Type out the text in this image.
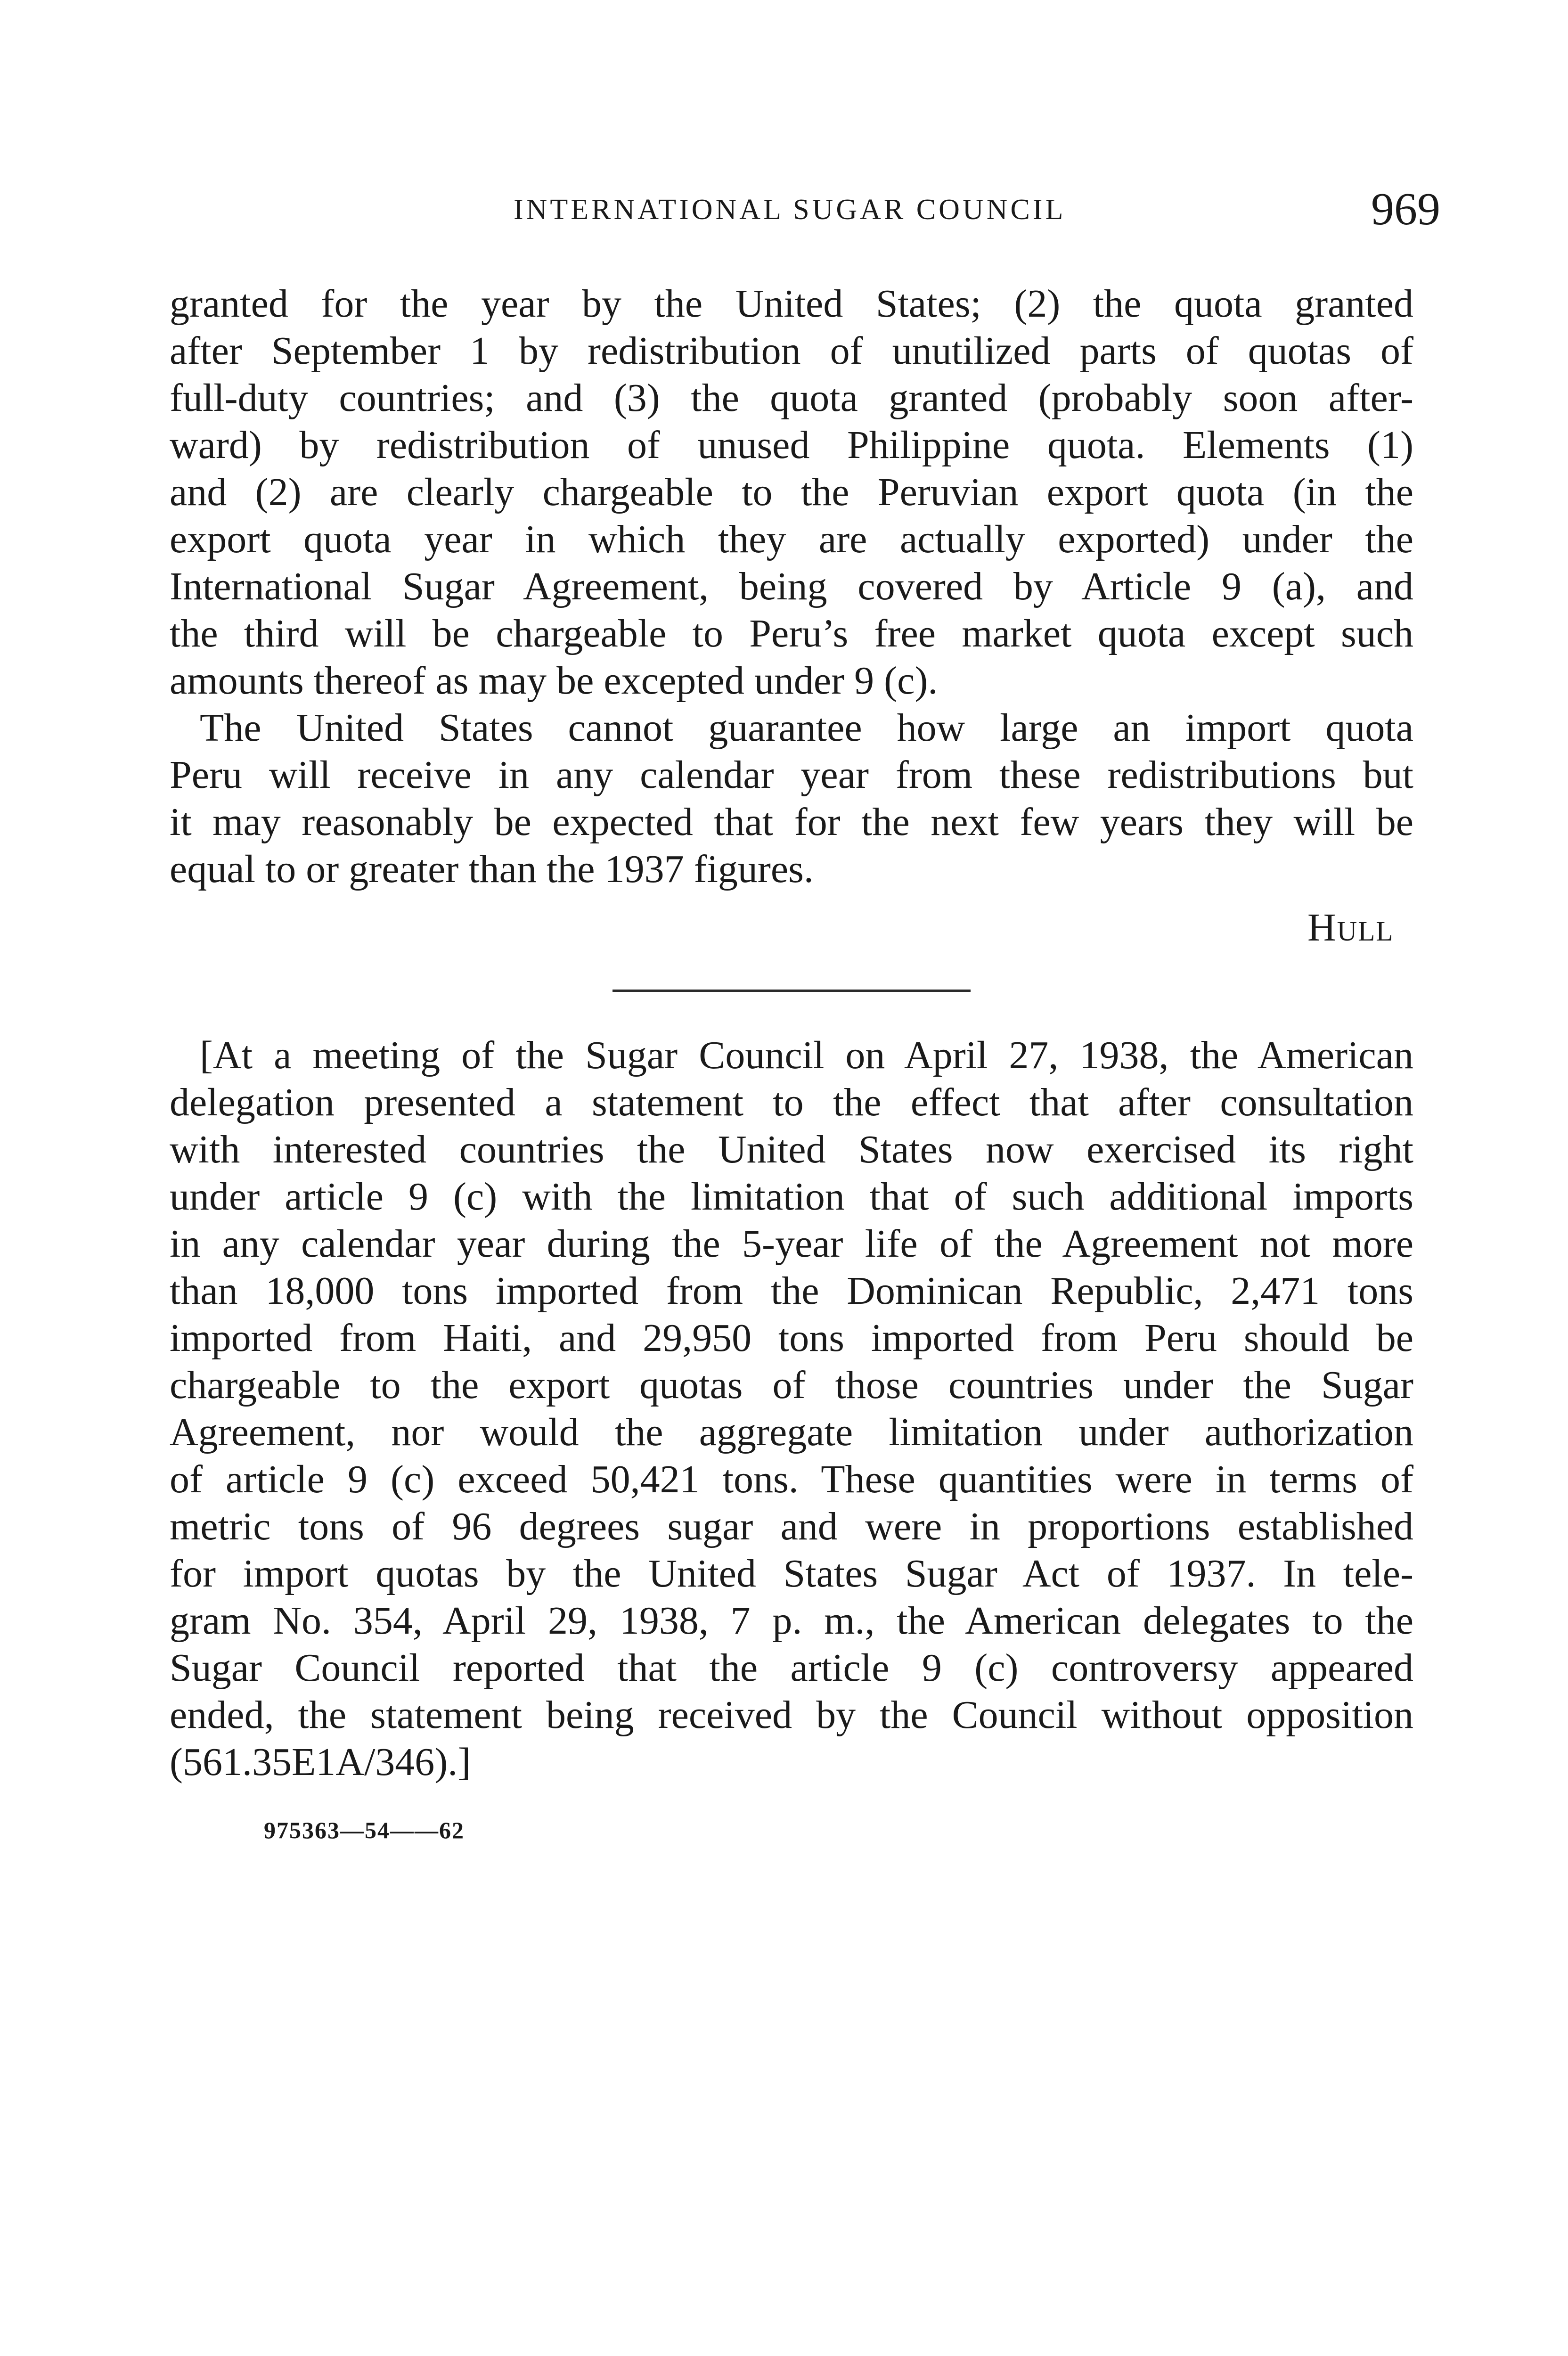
INTERNATIONAL SUGAR COUNCIL	969
granted for the year by the United States; (2) the quota granted
after September 1 by redistribution of unutilized parts of quotas of
full-duty countries; and (3) the quota granted (probably soon after-
ward) by redistribution of unused Philippine quota. Elements (1)
and (2) are clearly chargeable to the Peruvian export quota (in the
export quota year in which they are actually exported) under the
International Sugar Agreement, being covered by Article 9 (a), and
the third will be chargeable to Peru’s free market quota except such
amounts thereof as may be excepted under 9 (c).
The United States cannot guarantee how large an import quota
Peru will receive in any calendar year from these redistributions but
it may reasonably be expected that for the next few years they will be
equal to or greater than the 1937 figures.
Hull
[At a meeting of the Sugar Council on April 27, 1938, the American
delegation presented a statement to the effect that after consultation
with interested countries the United States now exercised its right
under article 9 (c) with the limitation that of such additional imports
in any calendar year during the 5-year life of the Agreement not more
than 18,000 tons imported from the Dominican Republic, 2,471 tons
imported from Haiti, and 29,950 tons imported from Peru should be
chargeable to the export quotas of those countries under the Sugar
Agreement, nor would the aggregate limitation under authorization
of article 9 (c) exceed 50,421 tons. These quantities were in terms of
metric tons of 96 degrees sugar and were in proportions established
for import quotas by the United States Sugar Act of 1937. In tele-
gram No. 354, April 29, 1938, 7 p. m., the American delegates to the
Sugar Council reported that the article 9 (c) controversy appeared
ended, the statement being received by the Council without opposition
(561.35E1A/346).]
975363—54——62
